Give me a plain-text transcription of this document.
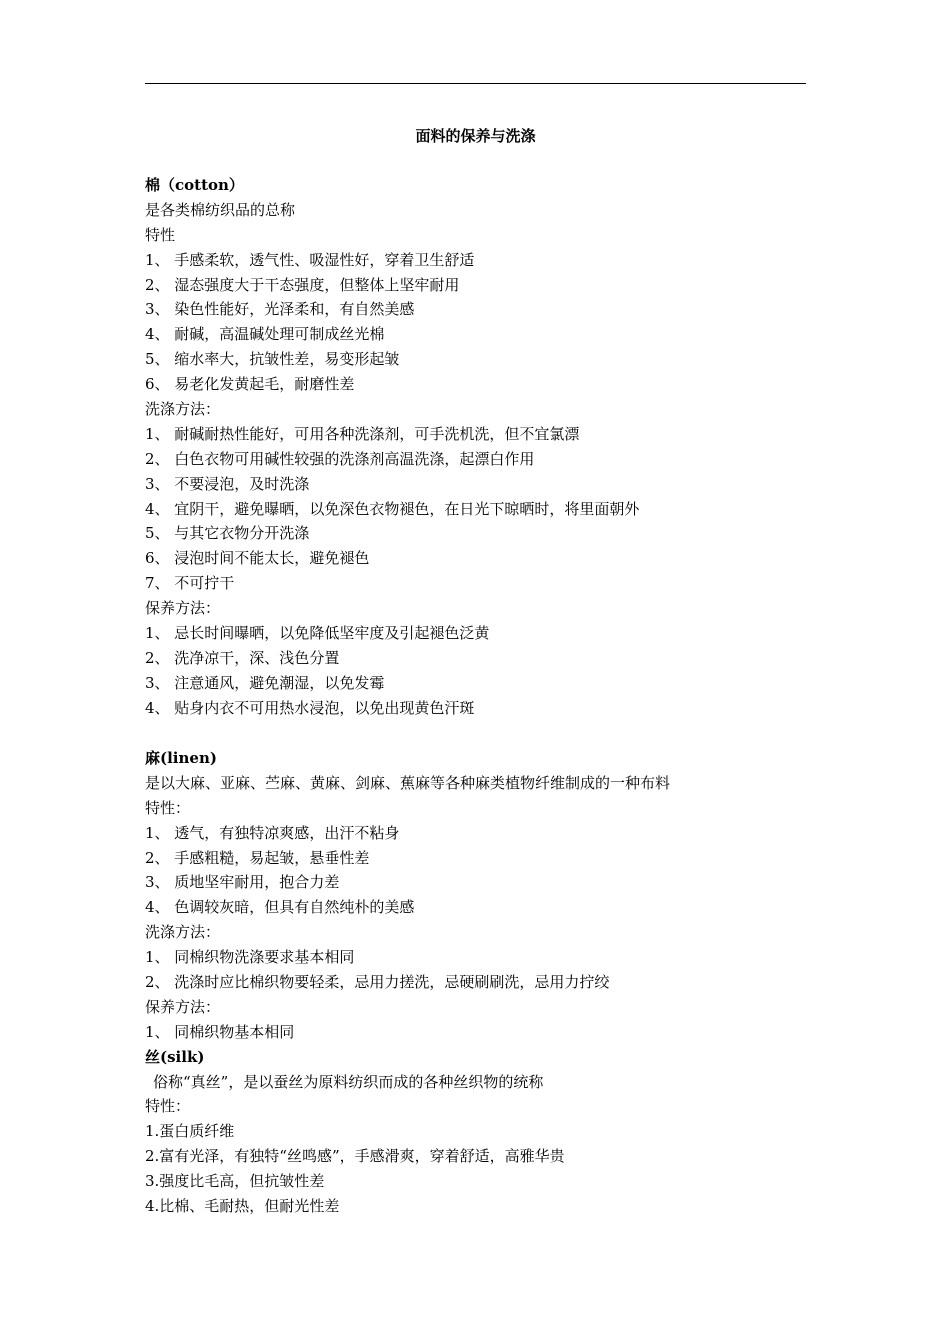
面料的保养与洗涤
棉（cotton）
是各类棉纺织品的总称
特性
1、 手感柔软，透气性、吸湿性好，穿着卫生舒适
2、 湿态强度大于干态强度，但整体上坚牢耐用
3、 染色性能好，光泽柔和，有自然美感
4、 耐碱，高温碱处理可制成丝光棉
5、 缩水率大，抗皱性差，易变形起皱
6、 易老化发黄起毛，耐磨性差
洗涤方法：
1、 耐碱耐热性能好，可用各种洗涤剂，可手洗机洗，但不宜氯漂
2、 白色衣物可用碱性较强的洗涤剂高温洗涤，起漂白作用
3、 不要浸泡，及时洗涤
4、 宜阴干，避免曝晒，以免深色衣物褪色，在日光下晾晒时，将里面朝外
5、 与其它衣物分开洗涤
6、 浸泡时间不能太长，避免褪色
7、 不可拧干
保养方法：
1、 忌长时间曝晒，以免降低坚牢度及引起褪色泛黄
2、 洗净凉干，深、浅色分置
3、 注意通风，避免潮湿，以免发霉
4、 贴身内衣不可用热水浸泡，以免出现黄色汗斑
麻(linen)
是以大麻、亚麻、苎麻、黄麻、剑麻、蕉麻等各种麻类植物纤维制成的一种布料
特性：
1、 透气，有独特凉爽感，出汗不粘身
2、 手感粗糙，易起皱，悬垂性差
3、 质地坚牢耐用，抱合力差
4、 色调较灰暗，但具有自然纯朴的美感
洗涤方法：
1、 同棉织物洗涤要求基本相同
2、 洗涤时应比棉织物要轻柔，忌用力搓洗，忌硬刷刷洗，忌用力拧绞
保养方法：
1、 同棉织物基本相同
丝(silk)
俗称“真丝”，是以蚕丝为原料纺织而成的各种丝织物的统称
特性：
1.蛋白质纤维
2.富有光泽，有独特“丝鸣感”，手感滑爽，穿着舒适，高雅华贵
3.强度比毛高，但抗皱性差
4.比棉、毛耐热，但耐光性差
